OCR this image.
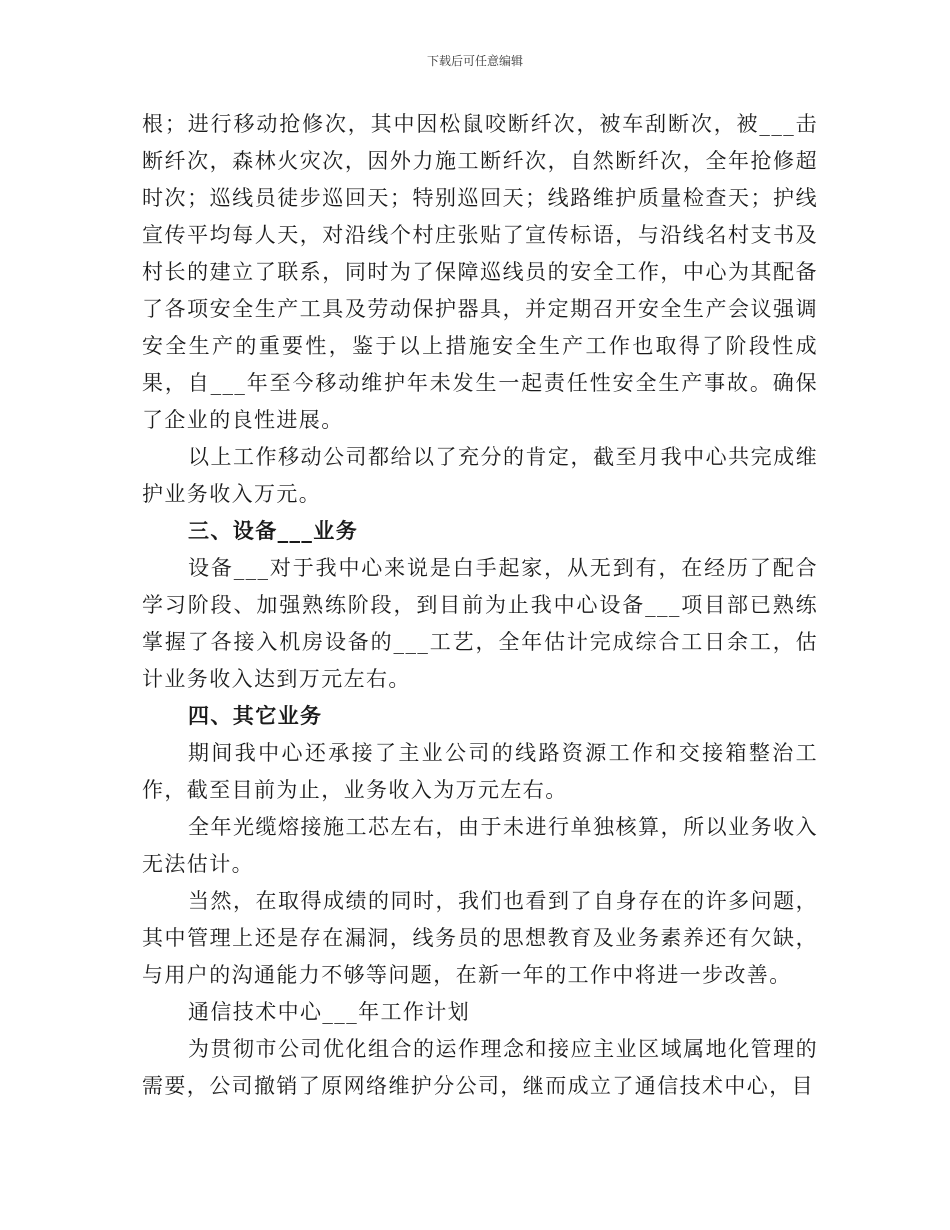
下载后可任意编辑

根；进行移动抢修次，其中因松鼠咬断纤次，被车刮断次，被___击断纤次，森林火灾次，因外力施工断纤次，自然断纤次，全年抢修超时次；巡线员徒步巡回天；特别巡回天；线路维护质量检查天；护线宣传平均每人天，对沿线个村庄张贴了宣传标语，与沿线名村支书及村长的建立了联系，同时为了保障巡线员的安全工作，中心为其配备了各项安全生产工具及劳动保护器具，并定期召开安全生产会议强调安全生产的重要性，鉴于以上措施安全生产工作也取得了阶段性成果，自___年至今移动维护年未发生一起责任性安全生产事故。确保了企业的良性进展。

以上工作移动公司都给以了充分的肯定，截至月我中心共完成维护业务收入万元。

三、设备___业务

设备___对于我中心来说是白手起家，从无到有，在经历了配合学习阶段、加强熟练阶段，到目前为止我中心设备___项目部已熟练掌握了各接入机房设备的___工艺，全年估计完成综合工日余工，估计业务收入达到万元左右。

四、其它业务

期间我中心还承接了主业公司的线路资源工作和交接箱整治工作，截至目前为止，业务收入为万元左右。

全年光缆熔接施工芯左右，由于未进行单独核算，所以业务收入无法估计。

当然，在取得成绩的同时，我们也看到了自身存在的许多问题，其中管理上还是存在漏洞，线务员的思想教育及业务素养还有欠缺，与用户的沟通能力不够等问题，在新一年的工作中将进一步改善。

通信技术中心___年工作计划

为贯彻市公司优化组合的运作理念和接应主业区域属地化管理的需要，公司撤销了原网络维护分公司，继而成立了通信技术中心，目
